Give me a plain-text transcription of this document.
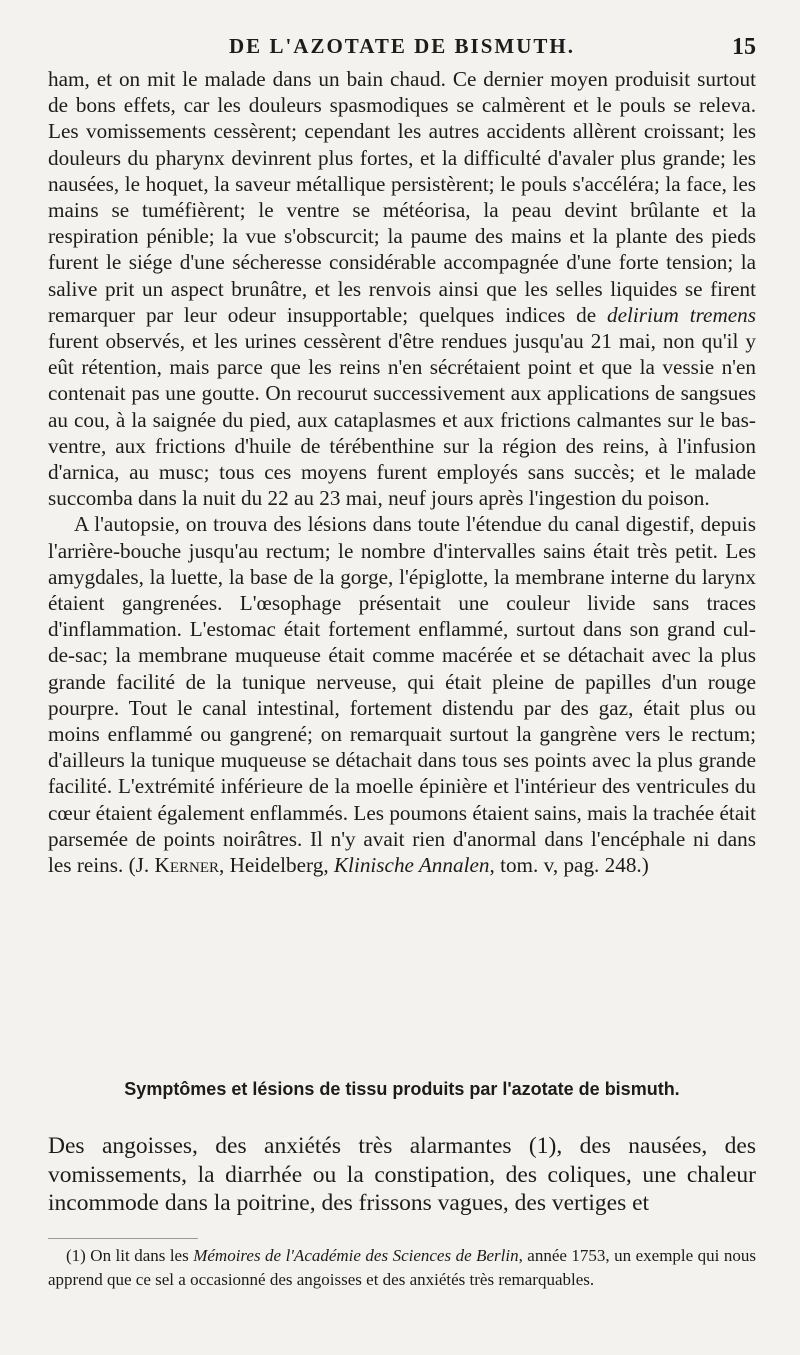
DE L'AZOTATE DE BISMUTH.	15

ham, et on mit le malade dans un bain chaud. Ce dernier moyen produisit surtout de bons effets, car les douleurs spasmodiques se calmèrent et le pouls se releva. Les vomissements cessèrent; cependant les autres accidents allèrent croissant; les douleurs du pharynx devinrent plus fortes, et la difficulté d'avaler plus grande; les nausées, le hoquet, la saveur métallique persistèrent; le pouls s'accéléra; la face, les mains se tuméfièrent; le ventre se météorisa, la peau devint brûlante et la respiration pénible; la vue s'obscurcit; la paume des mains et la plante des pieds furent le siége d'une sécheresse considérable accompagnée d'une forte tension; la salive prit un aspect brunâtre, et les renvois ainsi que les selles liquides se firent remarquer par leur odeur insupportable; quelques indices de delirium tremens furent observés, et les urines cessèrent d'être rendues jusqu'au 21 mai, non qu'il y eût rétention, mais parce que les reins n'en sécrétaient point et que la vessie n'en contenait pas une goutte. On recourut successivement aux applications de sangsues au cou, à la saignée du pied, aux cataplasmes et aux frictions calmantes sur le bas-ventre, aux frictions d'huile de térébenthine sur la région des reins, à l'infusion d'arnica, au musc; tous ces moyens furent employés sans succès; et le malade succomba dans la nuit du 22 au 23 mai, neuf jours après l'ingestion du poison.

A l'autopsie, on trouva des lésions dans toute l'étendue du canal digestif, depuis l'arrière-bouche jusqu'au rectum; le nombre d'intervalles sains était très petit. Les amygdales, la luette, la base de la gorge, l'épiglotte, la membrane interne du larynx étaient gangrenées. L'œsophage présentait une couleur livide sans traces d'inflammation. L'estomac était fortement enflammé, surtout dans son grand cul-de-sac; la membrane muqueuse était comme macérée et se détachait avec la plus grande facilité de la tunique nerveuse, qui était pleine de papilles d'un rouge pourpre. Tout le canal intestinal, fortement distendu par des gaz, était plus ou moins enflammé ou gangrené; on remarquait surtout la gangrène vers le rectum; d'ailleurs la tunique muqueuse se détachait dans tous ses points avec la plus grande facilité. L'extrémité inférieure de la moelle épinière et l'intérieur des ventricules du cœur étaient également enflammés. Les poumons étaient sains, mais la trachée était parsemée de points noirâtres. Il n'y avait rien d'anormal dans l'encéphale ni dans les reins. (J. Kerner, Heidelberg, Klinische Annalen, tom. v, pag. 248.)

Symptômes et lésions de tissu produits par l'azotate de bismuth.

Des angoisses, des anxiétés très alarmantes (1), des nausées, des vomissements, la diarrhée ou la constipation, des coliques, une chaleur incommode dans la poitrine, des frissons vagues, des vertiges et

(1) On lit dans les Mémoires de l'Académie des Sciences de Berlin, année 1753, un exemple qui nous apprend que ce sel a occasionné des angoisses et des anxiétés très remarquables.
